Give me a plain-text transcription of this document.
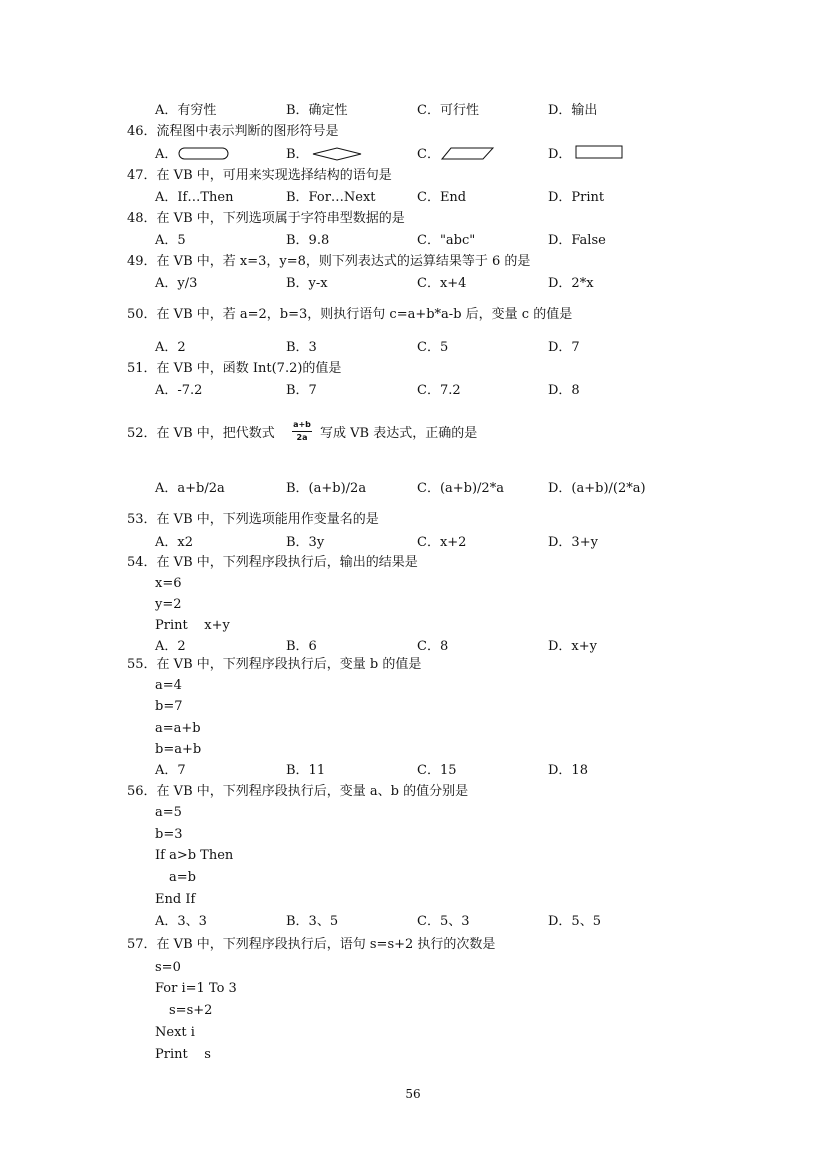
A．有穷性	B．确定性	C．可行性	D．输出
46．流程图中表示判断的图形符号是
A．	B．	C．	D．
47．在 VB 中，可用来实现选择结构的语句是
A．If…Then	B．For…Next	C．End	D．Print
48．在 VB 中，下列选项属于字符串型数据的是
A．5	B．9.8	C．"abc"	D．False
49．在 VB 中，若 x=3，y=8，则下列表达式的运算结果等于 6 的是
A．y/3	B．y-x	C．x+4	D．2*x
50．在 VB 中，若 a=2，b=3，则执行语句 c=a+b*a-b 后，变量 c 的值是
A．2	B．3	C．5	D．7
51．在 VB 中，函数 Int(7.2)的值是
A．-7.2	B．7	C．7.2	D．8
52．在 VB 中，把代数式 $\frac{a+b}{2a}$ 写成 VB 表达式，正确的是
A．a+b/2a	B．(a+b)/2a	C．(a+b)/2*a	D．(a+b)/(2*a)
53．在 VB 中，下列选项能用作变量名的是
A．x2	B．3y	C．x+2	D．3+y
54．在 VB 中，下列程序段执行后，输出的结果是
x=6
y=2
Print    x+y
A．2	B．6	C．8	D．x+y
55．在 VB 中，下列程序段执行后，变量 b 的值是
a=4
b=7
a=a+b
b=a+b
A．7	B．11	C．15	D．18
56．在 VB 中，下列程序段执行后，变量 a、b 的值分别是
a=5
b=3
If a>b Then
a=b
End If
A．3、3	B．3、5	C．5、3	D．5、5
57．在 VB 中，下列程序段执行后，语句 s=s+2 执行的次数是
s=0
For i=1 To 3
s=s+2
Next i
Print    s
56
